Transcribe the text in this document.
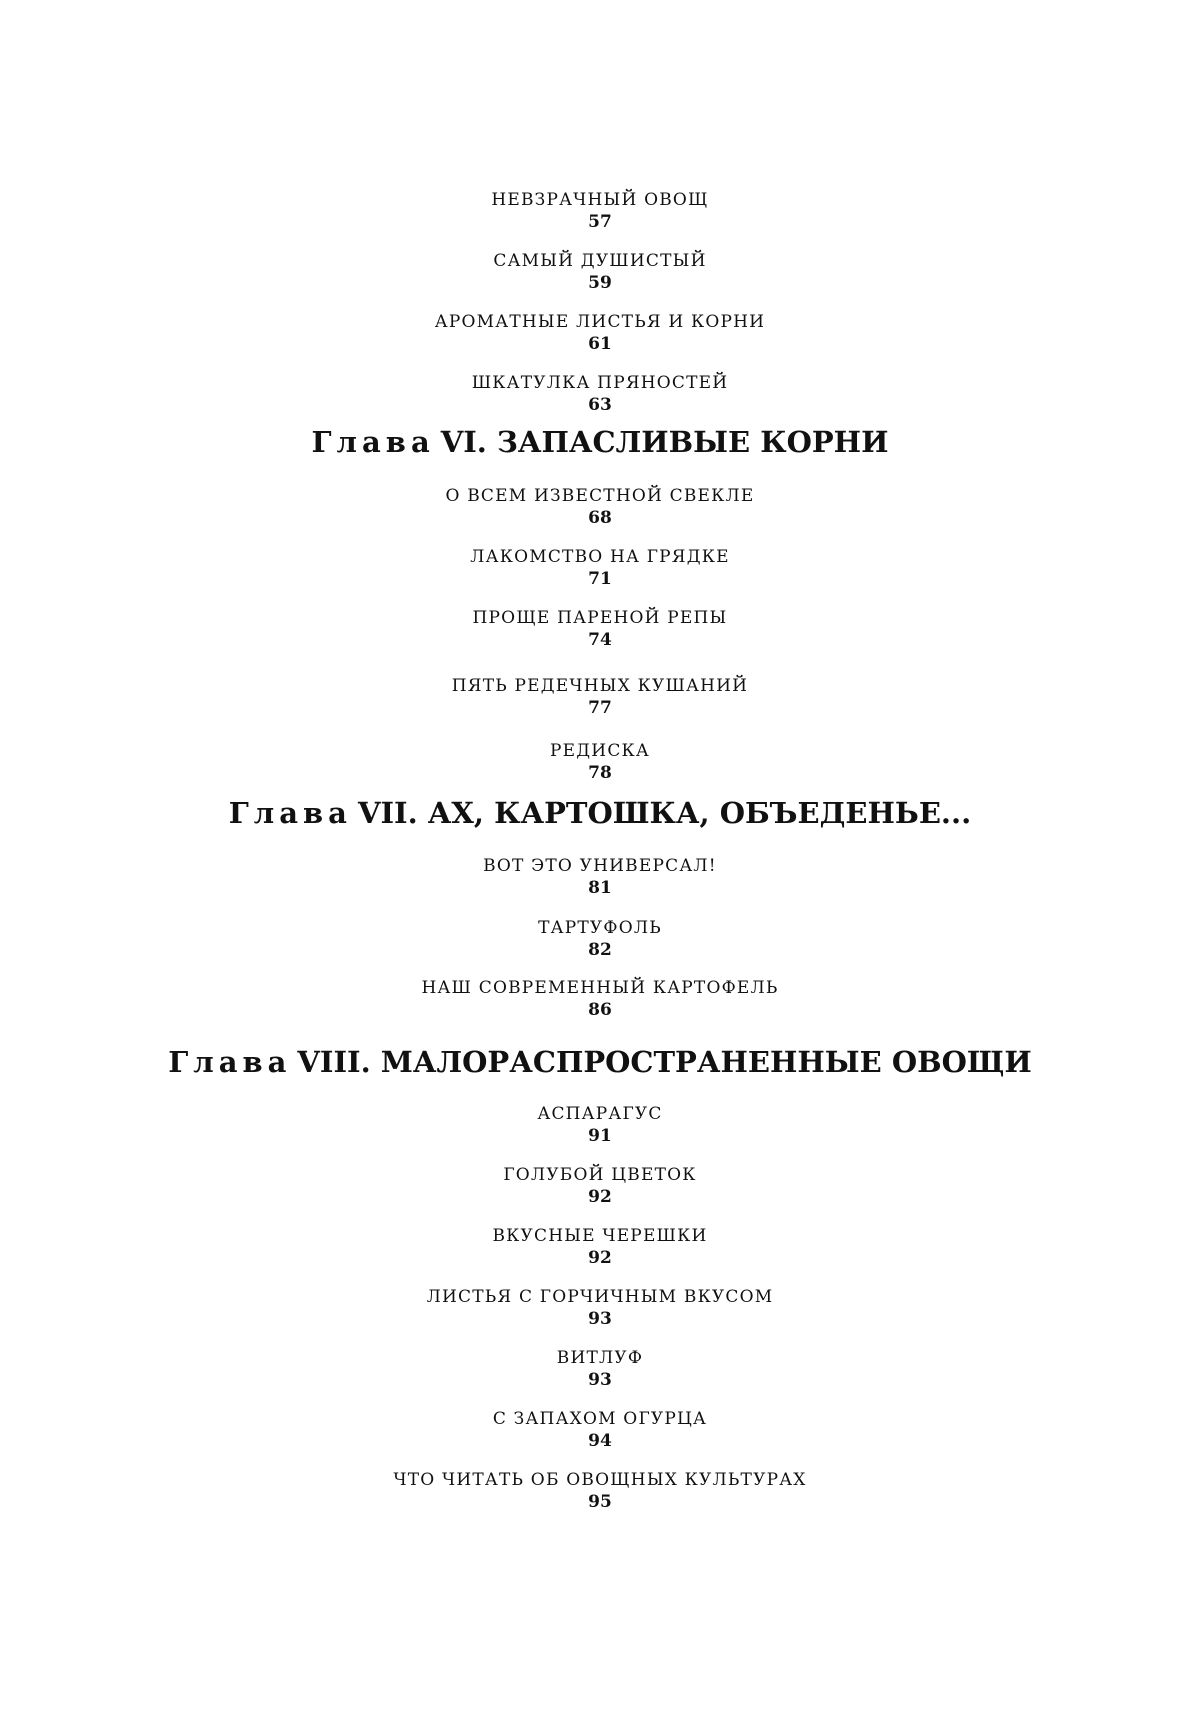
НЕВЗРАЧНЫЙ ОВОЩ
57
САМЫЙ ДУШИСТЫЙ
59
АРОМАТНЫЕ ЛИСТЬЯ И КОРНИ
61
ШКАТУЛКА ПРЯНОСТЕЙ
63
Глава VI. ЗАПАСЛИВЫЕ КОРНИ
О ВСЕМ ИЗВЕСТНОЙ СВЕКЛЕ
68
ЛАКОМСТВО НА ГРЯДКЕ
71
ПРОЩЕ ПАРЕНОЙ РЕПЫ
74
ПЯТЬ РЕДЕЧНЫХ КУШАНИЙ
77
РЕДИСКА
78
Глава VII. АХ, КАРТОШКА, ОБЪЕДЕНЬЕ...
ВОТ ЭТО УНИВЕРСАЛ!
81
ТАРТУФОЛЬ
82
НАШ СОВРЕМЕННЫЙ КАРТОФЕЛЬ
86
Глава VIII. МАЛОРАСПРОСТРАНЕННЫЕ ОВОЩИ
АСПАРАГУС
91
ГОЛУБОЙ ЦВЕТОК
92
ВКУСНЫЕ ЧЕРЕШКИ
92
ЛИСТЬЯ С ГОРЧИЧНЫМ ВКУСОМ
93
ВИТЛУФ
93
С ЗАПАХОМ ОГУРЦА
94
ЧТО ЧИТАТЬ ОБ ОВОЩНЫХ КУЛЬТУРАХ
95
